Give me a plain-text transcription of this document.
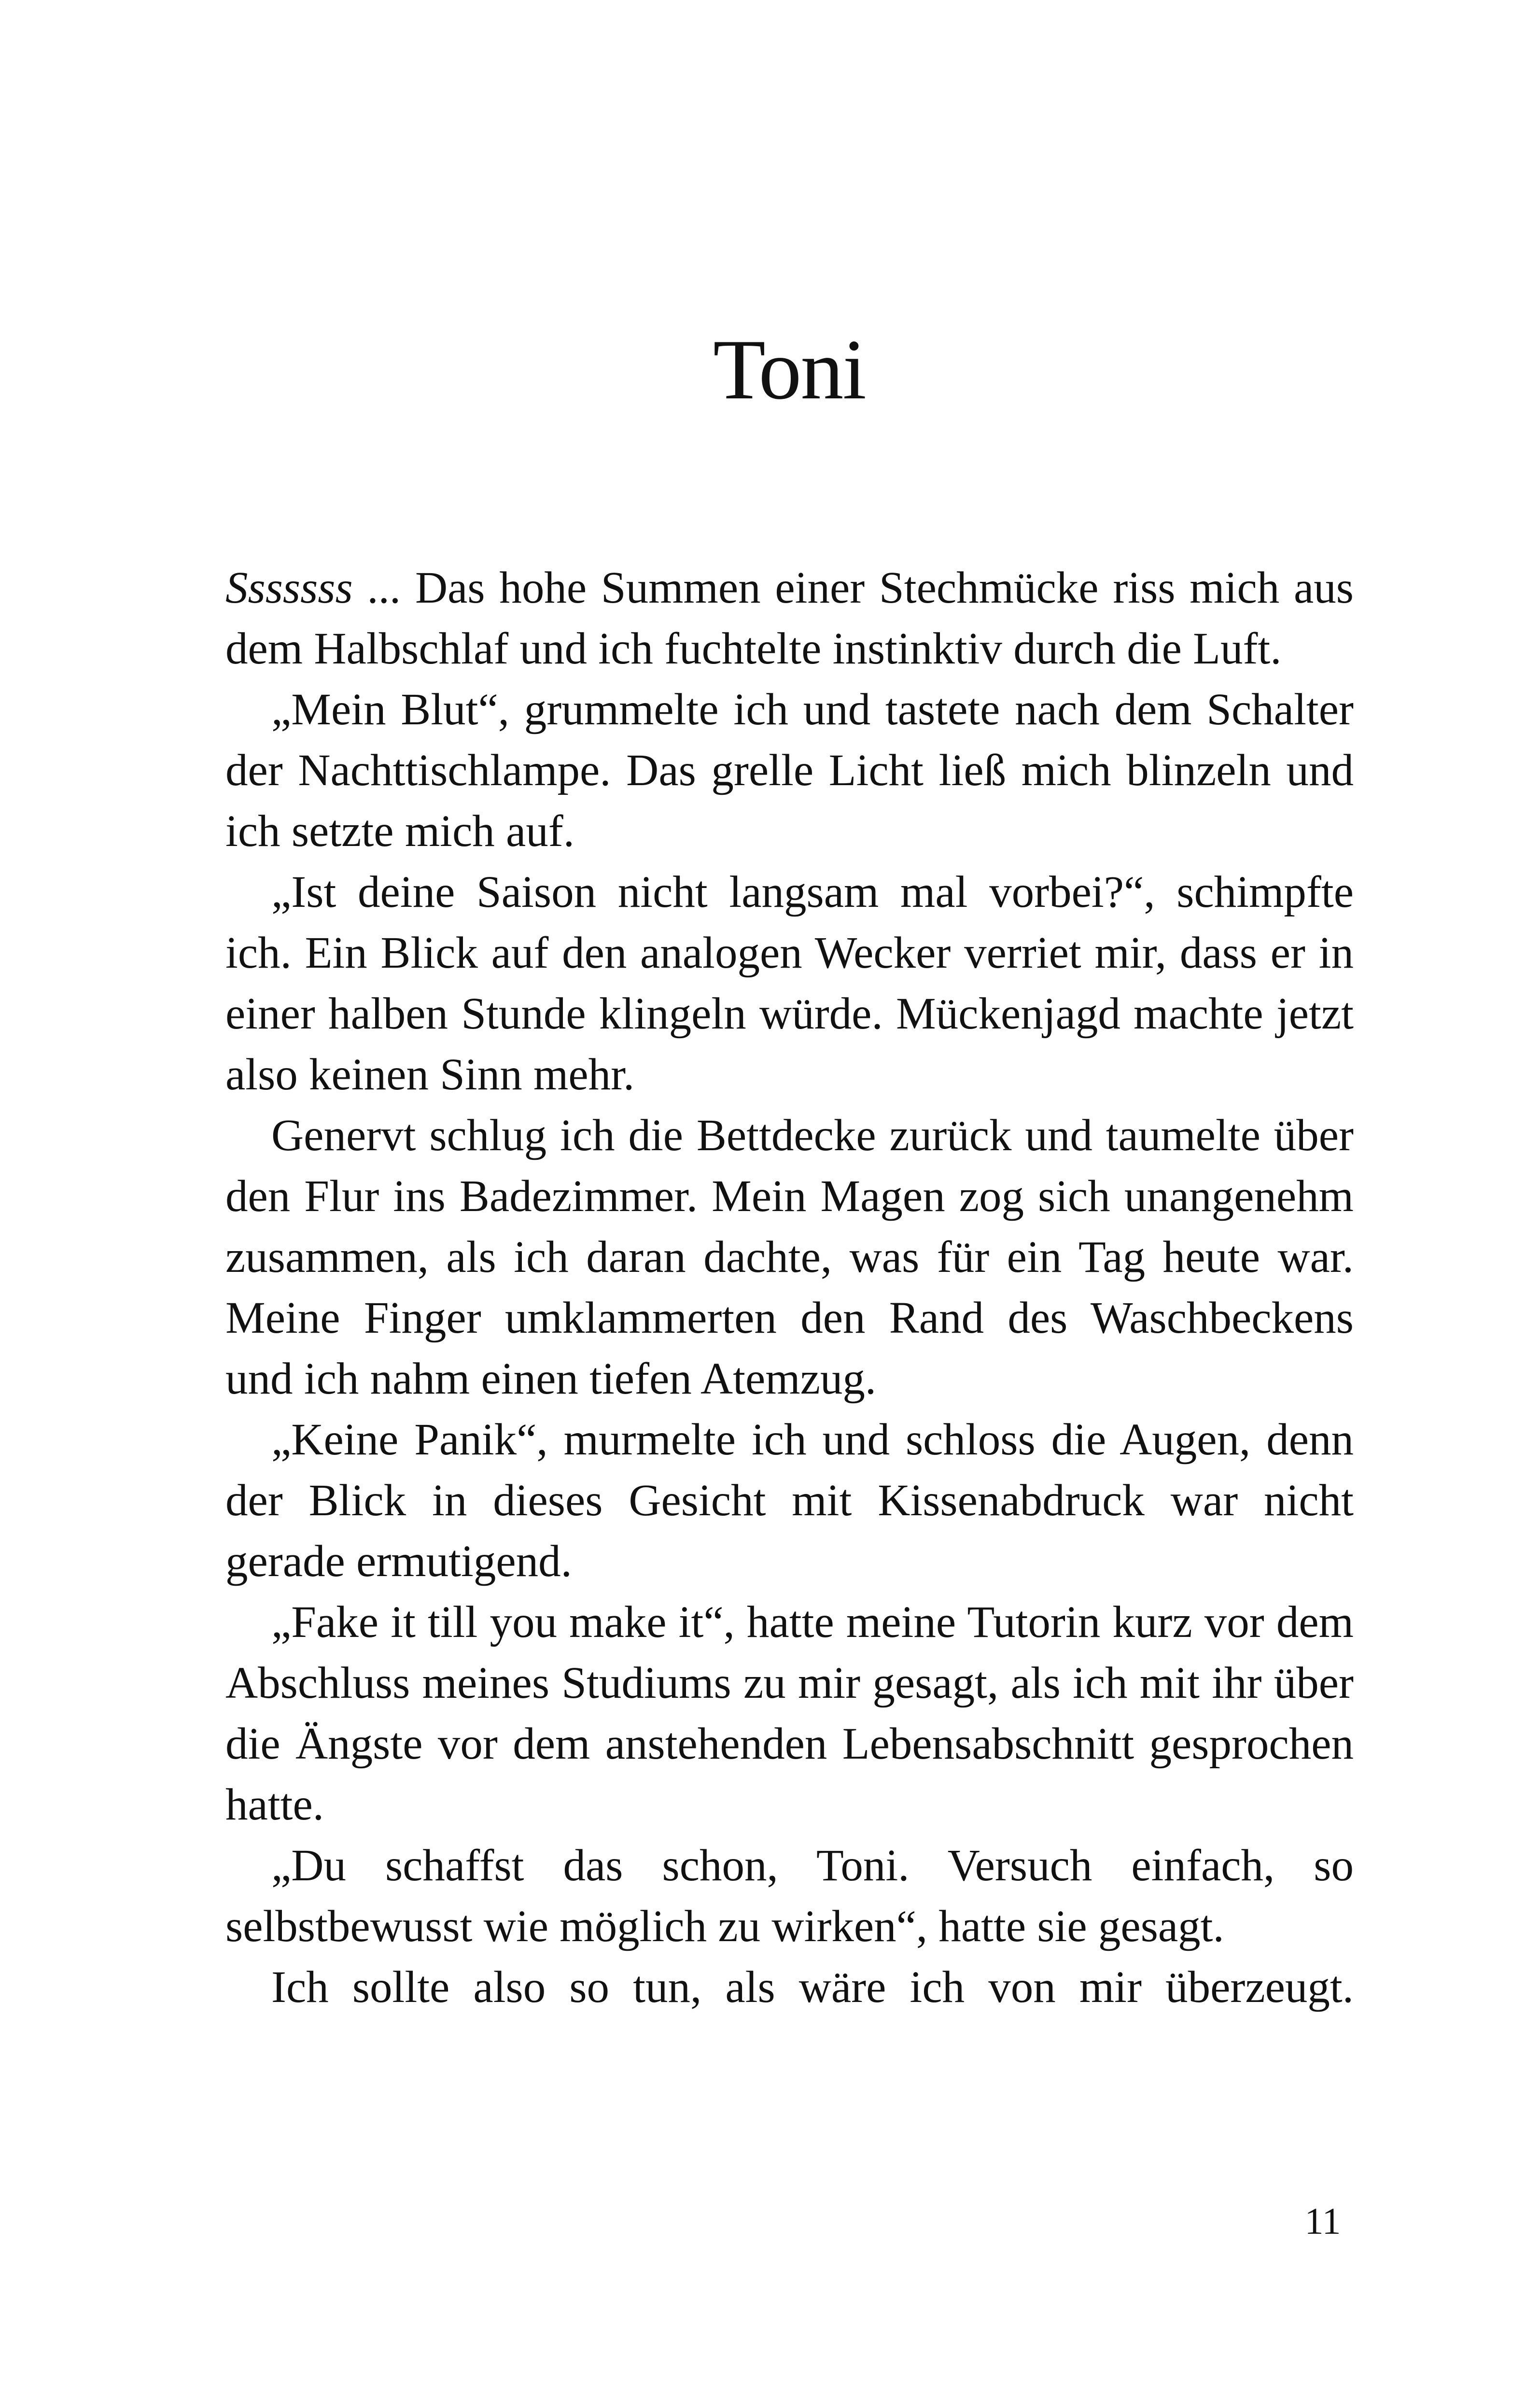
Toni

Sssssss ... Das hohe Summen einer Stechmücke riss mich aus dem Halbschlaf und ich fuchtelte instinktiv durch die Luft.

„Mein Blut“, grummelte ich und tastete nach dem Schalter der Nachttischlampe. Das grelle Licht ließ mich blinzeln und ich setzte mich auf.

„Ist deine Saison nicht langsam mal vorbei?“, schimpfte ich. Ein Blick auf den analogen Wecker verriet mir, dass er in einer halben Stunde klingeln würde. Mückenjagd machte jetzt also keinen Sinn mehr.

Genervt schlug ich die Bettdecke zurück und taumelte über den Flur ins Badezimmer. Mein Magen zog sich unangenehm zusammen, als ich daran dachte, was für ein Tag heute war. Meine Finger umklammerten den Rand des Waschbeckens und ich nahm einen tiefen Atemzug.

„Keine Panik“, murmelte ich und schloss die Augen, denn der Blick in dieses Gesicht mit Kissenabdruck war nicht gerade ermutigend.

„Fake it till you make it“, hatte meine Tutorin kurz vor dem Abschluss meines Studiums zu mir gesagt, als ich mit ihr über die Ängste vor dem anstehenden Lebensabschnitt gesprochen hatte.

„Du schaffst das schon, Toni. Versuch einfach, so selbstbewusst wie möglich zu wirken“, hatte sie gesagt.

Ich sollte also so tun, als wäre ich von mir überzeugt.

11
